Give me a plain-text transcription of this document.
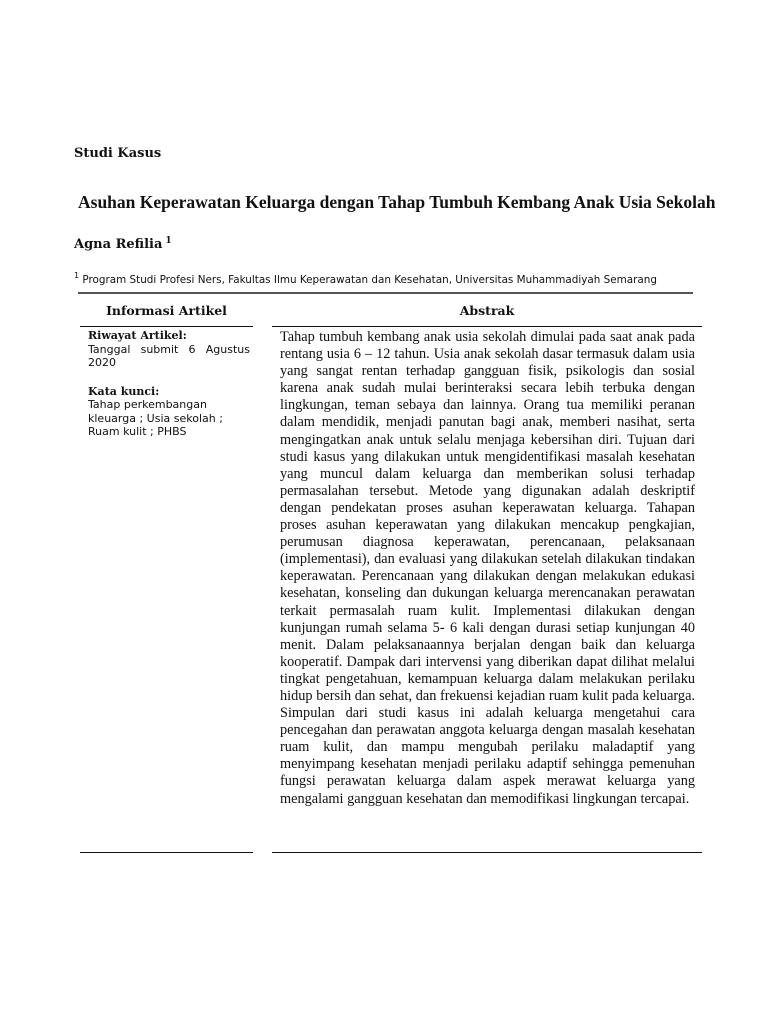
Studi Kasus

Asuhan Keperawatan Keluarga dengan Tahap Tumbuh Kembang Anak Usia Sekolah

Agna Refilia $^1$

$^1$ Program Studi Profesi Ners, Fakultas Ilmu Keperawatan dan Kesehatan, Universitas Muhammadiyah Semarang

Informasi Artikel	Abstrak
Riwayat Artikel:
Tanggal submit 6 Agustus 2020
Kata kunci:
Tahap perkembangan kleuarga ; Usia sekolah ; Ruam kulit ; PHBS

Tahap tumbuh kembang anak usia sekolah dimulai pada saat anak pada rentang usia 6 – 12 tahun. Usia anak sekolah dasar termasuk dalam usia yang sangat rentan terhadap gangguan fisik, psikologis dan sosial karena anak sudah mulai berinteraksi secara lebih terbuka dengan lingkungan, teman sebaya dan lainnya. Orang tua memiliki peranan dalam mendidik, menjadi panutan bagi anak, memberi nasihat, serta mengingatkan anak untuk selalu menjaga kebersihan diri. Tujuan dari studi kasus yang dilakukan untuk mengidentifikasi masalah kesehatan yang muncul dalam keluarga dan memberikan solusi terhadap permasalahan tersebut. Metode yang digunakan adalah deskriptif dengan pendekatan proses asuhan keperawatan keluarga. Tahapan proses asuhan keperawatan yang dilakukan mencakup pengkajian, perumusan diagnosa keperawatan, perencanaan, pelaksanaan (implementasi), dan evaluasi yang dilakukan setelah dilakukan tindakan keperawatan. Perencanaan yang dilakukan dengan melakukan edukasi kesehatan, konseling dan dukungan keluarga merencanakan perawatan terkait permasalah ruam kulit. Implementasi dilakukan dengan kunjungan rumah selama 5- 6 kali dengan durasi setiap kunjungan 40 menit. Dalam pelaksanaannya berjalan dengan baik dan keluarga kooperatif. Dampak dari intervensi yang diberikan dapat dilihat melalui tingkat pengetahuan, kemampuan keluarga dalam melakukan perilaku hidup bersih dan sehat, dan frekuensi kejadian ruam kulit pada keluarga. Simpulan dari studi kasus ini adalah keluarga mengetahui cara pencegahan dan perawatan anggota keluarga dengan masalah kesehatan ruam kulit, dan mampu mengubah perilaku maladaptif yang menyimpang kesehatan menjadi perilaku adaptif sehingga pemenuhan fungsi perawatan keluarga dalam aspek merawat keluarga yang mengalami gangguan kesehatan dan memodifikasi lingkungan tercapai.
